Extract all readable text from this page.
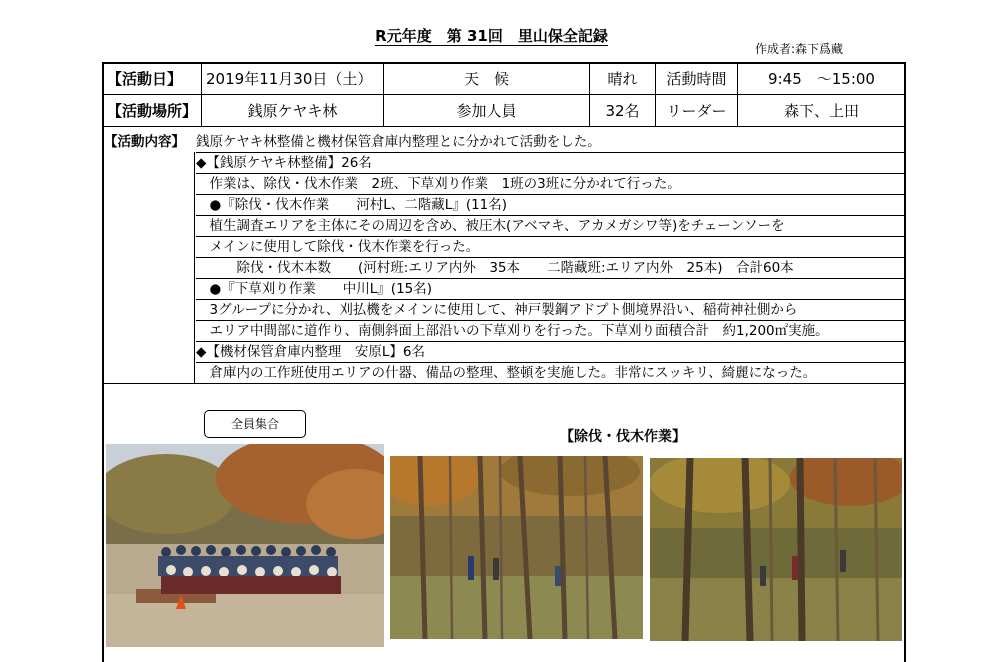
R元年度　第 31回　里山保全記録
作成者:森下爲藏
【活動日】	2019年11月30日（土）	天　候	晴れ	活動時間	9:45　～15:00
【活動場所】	銭原ケヤキ林	参加人員	32名	リーダー	森下、上田
【活動内容】 銭原ケヤキ林整備と機材保管倉庫内整理とに分かれて活動をした。
◆【銭原ケヤキ林整備】26名
　作業は、除伐・伐木作業　2班、下草刈り作業　1班の3班に分かれて行った。
　●『除伐・伐木作業　　河村L、二階藏L』(11名)
　植生調査エリアを主体にその周辺を含め、被圧木(アベマキ、アカメガシワ等)をチェーンソーを
　メインに使用して除伐・伐木作業を行った。
　　　除伐・伐木本数　　(河村班:エリア内外　35本　　二階藏班:エリア内外　25本)　合計60本
　●『下草刈り作業　　中川L』(15名)
　3グループに分かれ、刈払機をメインに使用して、神戸製鋼アドプト側境界沿い、稲荷神社側から
　エリア中間部に道作り、南側斜面上部沿いの下草刈りを行った。下草刈り面積合計　約1,200㎡実施。
◆【機材保管倉庫内整理　安原L】6名
　倉庫内の工作班使用エリアの什器、備品の整理、整頓を実施した。非常にスッキリ、綺麗になった。
全員集合
【除伐・伐木作業】
